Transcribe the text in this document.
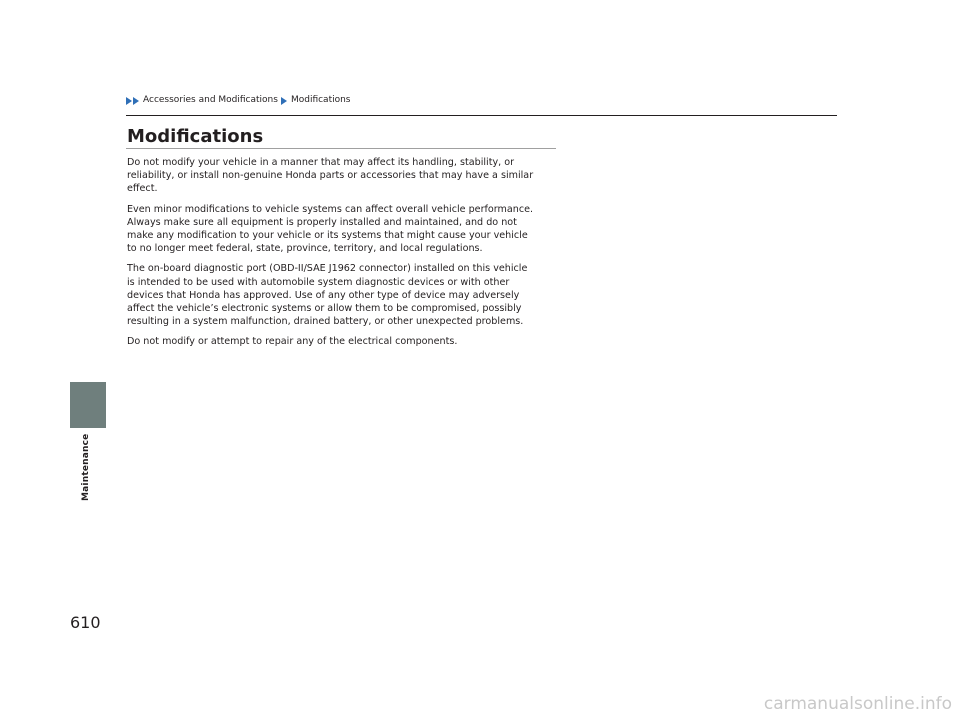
Accessories and Modifications Modifications
Maintenance
610
Modifications

Do not modify your vehicle in a manner that may affect its handling, stability, or
reliability, or install non-genuine Honda parts or accessories that may have a similar
effect.

Even minor modifications to vehicle systems can affect overall vehicle performance.
Always make sure all equipment is properly installed and maintained, and do not
make any modification to your vehicle or its systems that might cause your vehicle
to no longer meet federal, state, province, territory, and local regulations.

The on-board diagnostic port (OBD-II/SAE J1962 connector) installed on this vehicle
is intended to be used with automobile system diagnostic devices or with other
devices that Honda has approved. Use of any other type of device may adversely
affect the vehicle’s electronic systems or allow them to be compromised, possibly
resulting in a system malfunction, drained battery, or other unexpected problems.

Do not modify or attempt to repair any of the electrical components.

carmanualsonline.info
